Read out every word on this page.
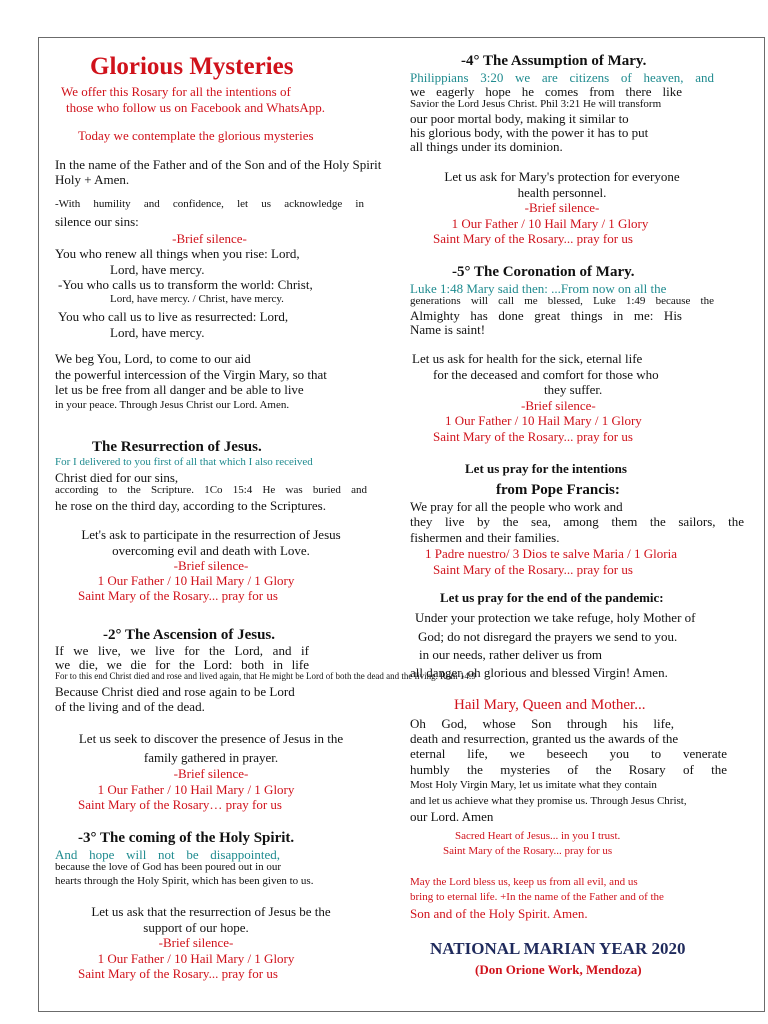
Glorious Mysteries
We offer this Rosary for all the intentions of
those who follow us on Facebook and WhatsApp.
Today we contemplate the glorious mysteries
In the name of the Father and of the Son and of the Holy Spirit
Holy + Amen.
-With humility and confidence, let us acknowledge in
silence our sins:
-Brief silence-
You who renew all things when you rise: Lord,
Lord, have mercy.
-You who calls us to transform the world: Christ,
Lord, have mercy. / Christ, have mercy.
You who call us to live as resurrected: Lord,
Lord, have mercy.
We beg You, Lord, to come to our aid
the powerful intercession of the Virgin Mary, so that
let us be free from all danger and be able to live
in your peace. Through Jesus Christ our Lord. Amen.
The Resurrection of Jesus.
For I delivered to you first of all that which I also received
Christ died for our sins,
according to the Scripture. 1Co 15:4 He was buried and
he rose on the third day, according to the Scriptures.
Let's ask to participate in the resurrection of Jesus
overcoming evil and death with Love.
-Brief silence-
1 Our Father / 10 Hail Mary / 1 Glory
Saint Mary of the Rosary... pray for us
-2° The Ascension of Jesus.
If we live, we live for the Lord, and if
we die, we die for the Lord: both in life
For to this end Christ died and rose and lived again, that He might be Lord of both the dead and the living. Rom 14:9
Because Christ died and rose again to be Lord
of the living and of the dead.
Let us seek to discover the presence of Jesus in the
family gathered in prayer.
-Brief silence-
1 Our Father / 10 Hail Mary / 1 Glory
Saint Mary of the Rosary… pray for us
-3° The coming of the Holy Spirit.
And hope will not be disappointed,
because the love of God has been poured out in our
hearts through the Holy Spirit, which has been given to us.
Let us ask that the resurrection of Jesus be the
support of our hope.
-Brief silence-
1 Our Father / 10 Hail Mary / 1 Glory
Saint Mary of the Rosary... pray for us
-4° The Assumption of Mary.
Philippians 3:20 we are citizens of heaven, and
we eagerly hope he comes from there like
Savior the Lord Jesus Christ. Phil 3:21 He will transform
our poor mortal body, making it similar to
his glorious body, with the power it has to put
all things under its dominion.
Let us ask for Mary's protection for everyone
health personnel.
-Brief silence-
1 Our Father / 10 Hail Mary / 1 Glory
Saint Mary of the Rosary... pray for us
-5° The Coronation of Mary.
Luke 1:48 Mary said then: ...From now on all the
generations will call me blessed, Luke 1:49 because the
Almighty has done great things in me: His
Name is saint!
Let us ask for health for the sick, eternal life
for the deceased and comfort for those who
they suffer.
-Brief silence-
1 Our Father / 10 Hail Mary / 1 Glory
Saint Mary of the Rosary... pray for us
Let us pray for the intentions
from Pope Francis:
We pray for all the people who work and
they live by the sea, among them the sailors, the
fishermen and their families.
1 Padre nuestro/ 3 Dios te salve Maria / 1 Gloria
Saint Mary of the Rosary... pray for us
Let us pray for the end of the pandemic:
Under your protection we take refuge, holy Mother of
God; do not disregard the prayers we send to you.
in our needs, rather deliver us from
all danger, oh glorious and blessed Virgin! Amen.
Hail Mary, Queen and Mother...
Oh God, whose Son through his life,
death and resurrection, granted us the awards of the
eternal life, we beseech you to venerate
humbly the mysteries of the Rosary of the
Most Holy Virgin Mary, let us imitate what they contain
and let us achieve what they promise us. Through Jesus Christ,
our Lord. Amen
Sacred Heart of Jesus... in you I trust.
Saint Mary of the Rosary... pray for us
May the Lord bless us, keep us from all evil, and us
bring to eternal life. +In the name of the Father and of the
Son and of the Holy Spirit. Amen.
NATIONAL MARIAN YEAR 2020
(Don Orione Work, Mendoza)
